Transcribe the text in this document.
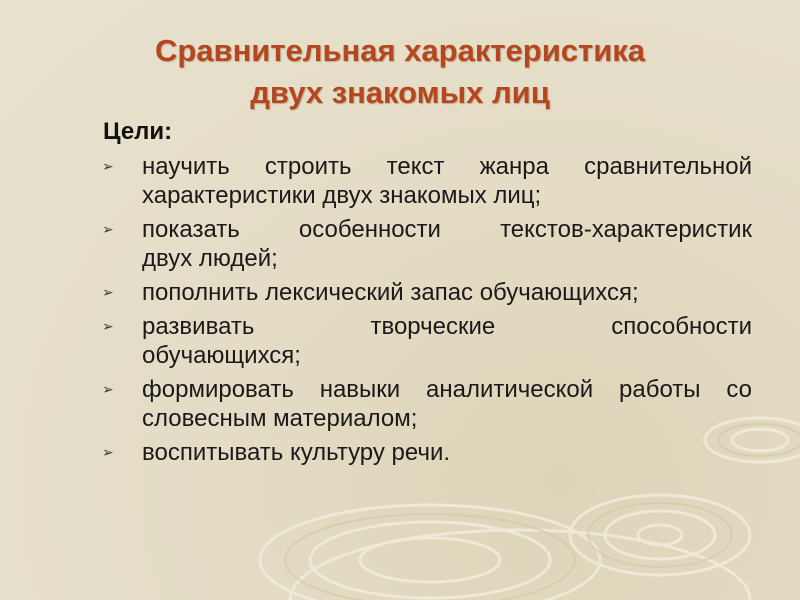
Сравнительная характеристика
двух знакомых лиц
Цели:
➢ научить строить текст жанра сравнительной
характеристики двух знакомых лиц;
➢ показать особенности текстов-характеристик
двух людей;
➢ пополнить лексический запас обучающихся;
➢ развивать творческие способности
обучающихся;
➢ формировать навыки аналитической работы со
словесным материалом;
➢ воспитывать культуру речи.
